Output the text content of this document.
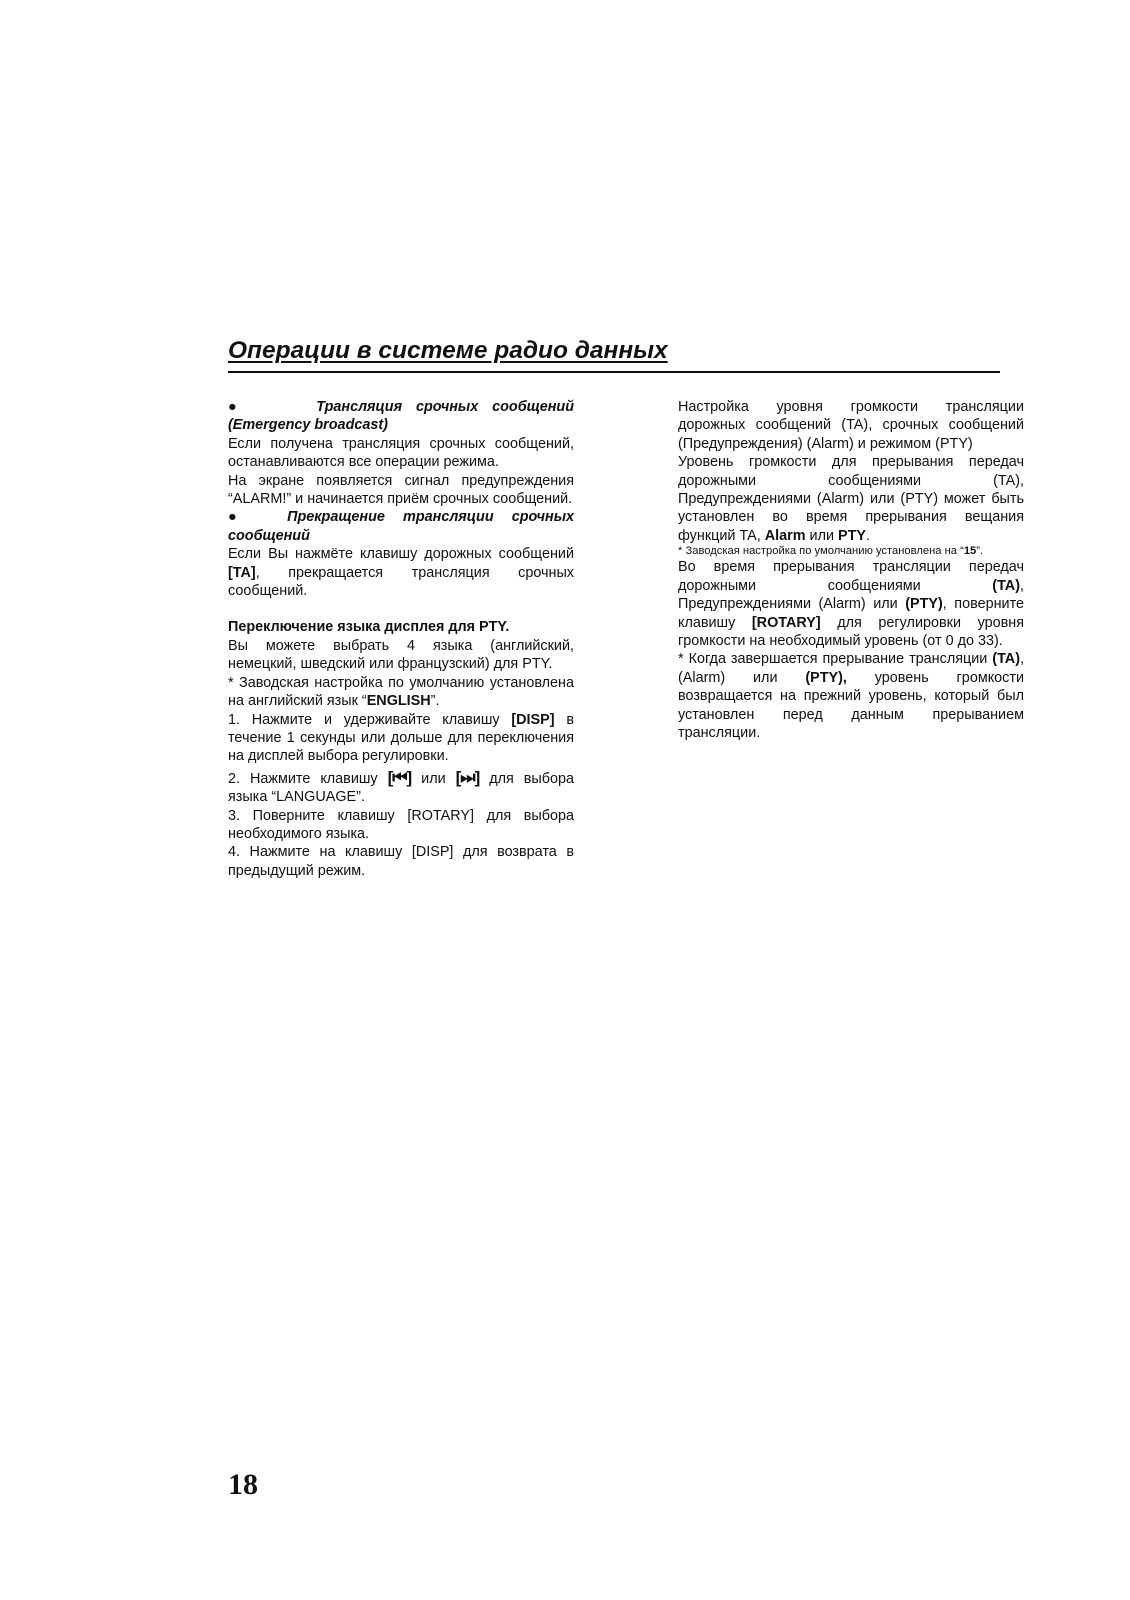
Операции в системе радио данных

●	Трансляция срочных сообщений (Emergency broadcast)

Если получена трансляция срочных сообщений, останавливаются все операции режима.

На экране появляется сигнал предупреждения “ALARM!” и начинается приём срочных сообщений.

●	Прекращение трансляции срочных сообщений

Если Вы нажмёте клавишу дорожных сообщений [TA], прекращается трансляция срочных сообщений.

Переключение языка дисплея для PTY.

Вы можете выбрать 4 языка (английский, немецкий, шведский или французский) для PTY.

* Заводская настройка по умолчанию установлена на английский язык “ENGLISH”.

1. Нажмите и удерживайте клавишу [DISP] в течение 1 секунды или дольше для переключения на дисплей выбора регулировки.

2. Нажмите клавишу [⏮] или [⏭] для выбора языка “LANGUAGE”.

3. Поверните клавишу [ROTARY] для выбора необходимого языка.

4. Нажмите на клавишу [DISP] для возврата в предыдущий режим.

Настройка уровня громкости трансляции дорожных сообщений (TA), срочных сообщений (Предупреждения) (Alarm) и режимом (PTY)

Уровень громкости для прерывания передач дорожными сообщениями (TA), Предупреждениями (Alarm) или (PTY) может быть установлен во время прерывания вещания функций TA, Alarm или PTY.

* Заводская настройка по умолчанию установлена на “15”.

Во время прерывания трансляции передач дорожными сообщениями (TA), Предупреждениями (Alarm) или (PTY), поверните клавишу [ROTARY] для регулировки уровня громкости на необходимый уровень (от 0 до 33).

* Когда завершается прерывание трансляции (TA), (Alarm) или (PTY), уровень громкости возвращается на прежний уровень, который был установлен перед данным прерыванием трансляции.

18
